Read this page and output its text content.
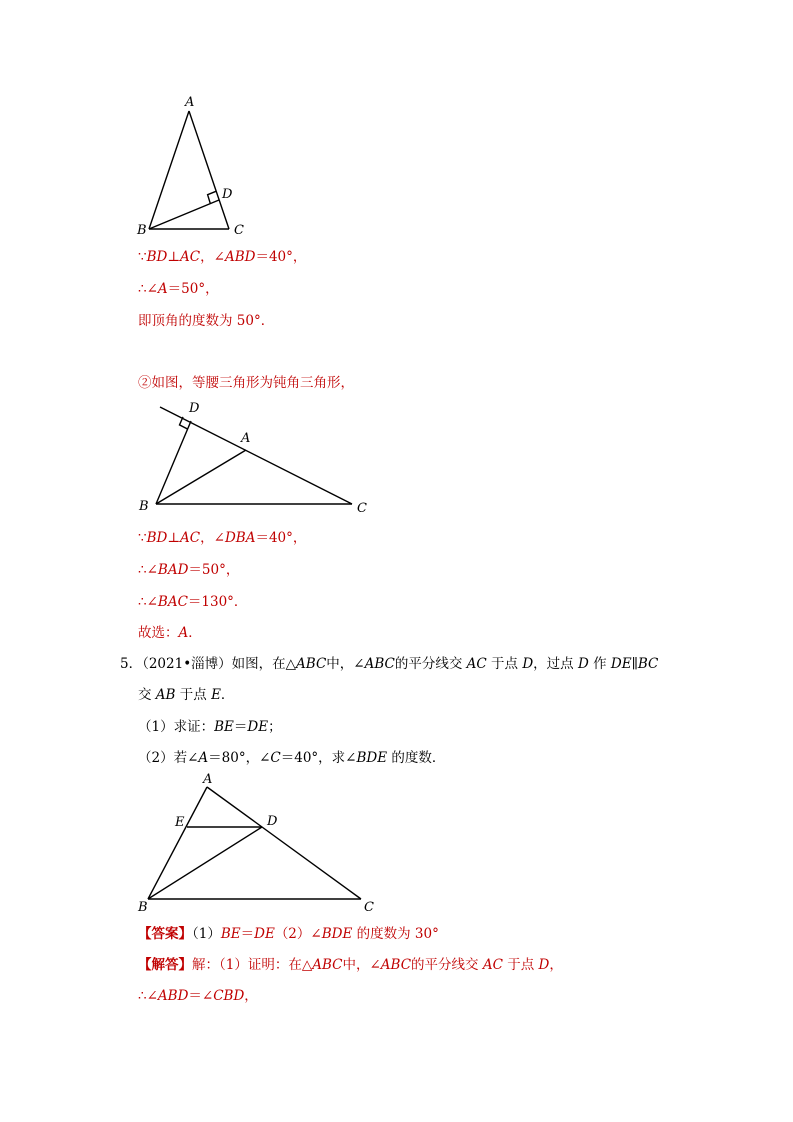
A
D
B	C
∵BD⊥AC，∠ABD＝40°，
∴∠A＝50°，
即顶角的度数为 50°．
②如图，等腰三角形为钝角三角形，
D
A
B	C
∵BD⊥AC，∠DBA＝40°，
∴∠BAD＝50°，
∴∠BAC＝130°．
故选：A．
5．（2021•淄博）如图，在△ABC中，∠ABC的平分线交 AC 于点 D，过点 D 作 DE∥BC
交 AB 于点 E．
（1）求证：BE＝DE；
（2）若∠A＝80°，∠C＝40°，求∠BDE 的度数．
A
E	D
B	C
【答案】（1）BE＝DE（2）∠BDE 的度数为 30°
【解答】解：（1）证明：在△ABC中，∠ABC的平分线交 AC 于点 D，
∴∠ABD＝∠CBD，
